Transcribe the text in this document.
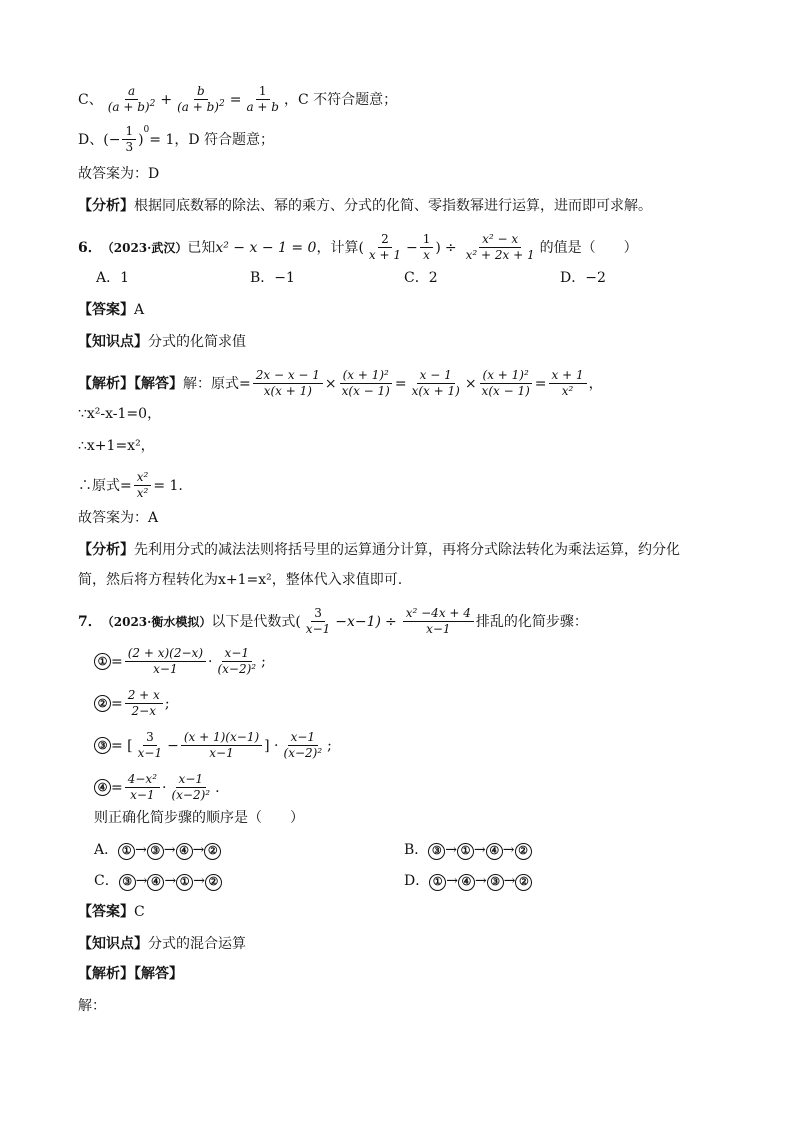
C、 $\frac{a}{(a + b)^2} + \frac{b}{(a + b)^2} = \frac{1}{a + b}$ ，C 不符合题意；
D、 (− $\frac{1}{3}$ )
$^0$
= 1，D 符合题意；
故答案为：D
【分析】 根据同底数幂的除法、幂的乘方、分式的化简、零指数幂进行运算，进而即可求解。
6． （2023·武汉） 已知 x² − x − 1 = 0 ，计算( $\frac{2}{x + 1} - \frac{1}{x}$ ) ÷ $\frac{\text{x² − x}}{\text{x² + 2x + 1}}$ 的值是（　　）
A．1	B．−1	C．2	D．−2
【答案】 A
【知识点】 分式的化简求值
【解析】【解答】 解：原式= $\frac{2x - x - 1}{x(x + 1)} \times \frac{\text{(x + 1)²}}{x(x - 1)} = \frac{x - 1}{x(x + 1)} \times \frac{\text{(x + 1)²}}{x(x - 1)} = \frac{x + 1}{\text{x²}}$ ，
∵x²-x-1=0，
∴x+1=x²，
∴原式= $\frac{\text{x²}}{\text{x²}} = 1$.
故答案为：A
【分析】 先利用分式的减法法则将括号里的运算通分计算，再将分式除法转化为乘法运算，约分化
简，然后将方程转化为x+1=x²，整体代入求值即可.
7． （2023·衡水模拟） 以下是代数式( $\frac{3}{x-1} -x-1) \div \frac{\text{x² −4x + 4}}{x-1}$ 排乱的化简步骤：
① = $\frac{(2 + x)(2-x)}{x-1} \cdot \frac{x-1}{\text{(x−2)²}}$ ;
② = $\frac{2 + x}{2-x}$ ;
③ = [ $\frac{3}{x-1} - \frac{(x + 1)(x-1)}{x-1}$ ] · $\frac{x-1}{\text{(x−2)²}}$ ;
④ = $\frac{\text{4−x²}}{x-1} \cdot \frac{x-1}{\text{(x−2)²}}$ .
则正确化简步骤的顺序是（　　）
A． ① → ③ → ④ → ②	B． ③ → ① → ④ → ②
C． ③ → ④ → ① → ②	D． ① → ④ → ③ → ②
【答案】 C
【知识点】 分式的混合运算
【解析】【解答】
解：
